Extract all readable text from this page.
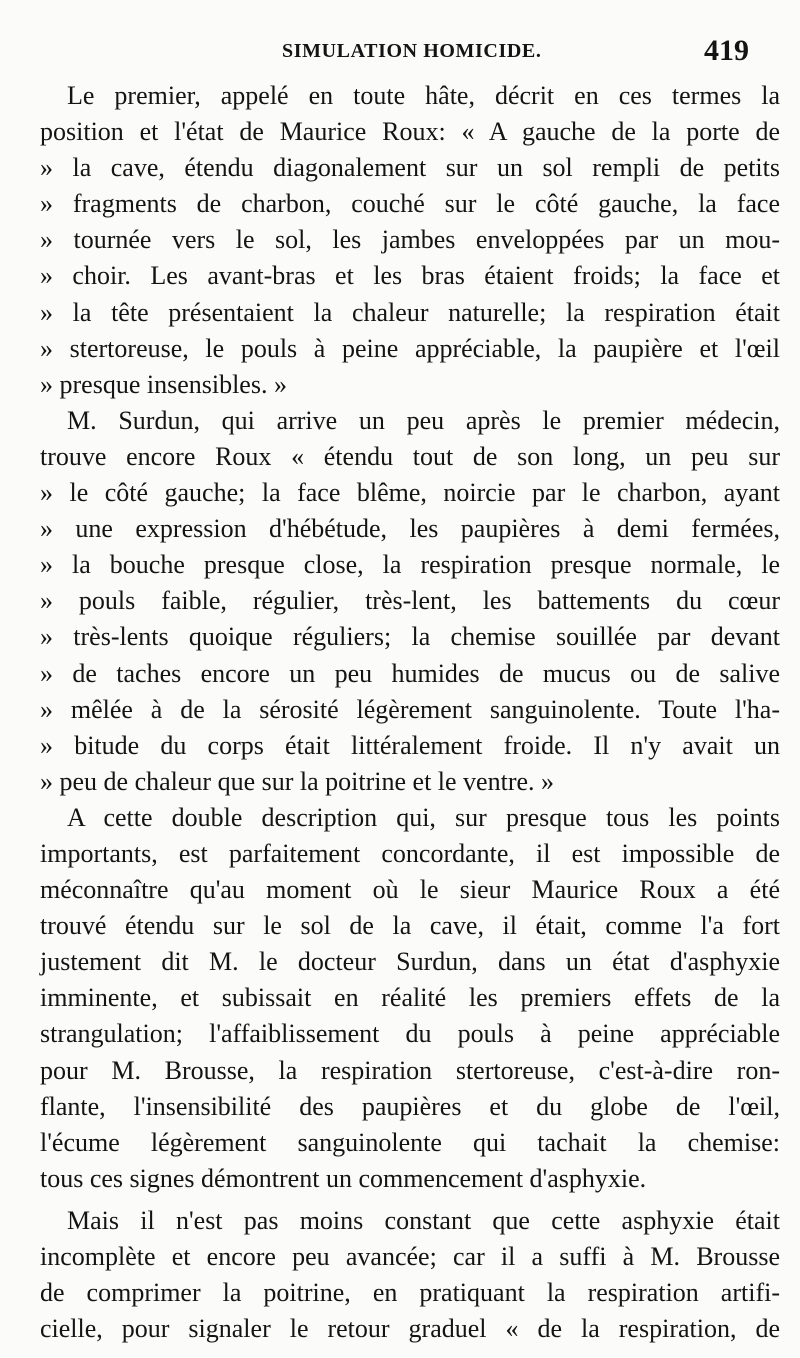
SIMULATION HOMICIDE.	419
Le premier, appelé en toute hâte, décrit en ces termes la
position et l'état de Maurice Roux: « A gauche de la porte de
» la cave, étendu diagonalement sur un sol rempli de petits
» fragments de charbon, couché sur le côté gauche, la face
» tournée vers le sol, les jambes enveloppées par un mou-
» choir. Les avant-bras et les bras étaient froids; la face et
» la tête présentaient la chaleur naturelle; la respiration était
» stertoreuse, le pouls à peine appréciable, la paupière et l'œil
» presque insensibles. »
M. Surdun, qui arrive un peu après le premier médecin,
trouve encore Roux « étendu tout de son long, un peu sur
» le côté gauche; la face blême, noircie par le charbon, ayant
» une expression d'hébétude, les paupières à demi fermées,
» la bouche presque close, la respiration presque normale, le
» pouls faible, régulier, très-lent, les battements du cœur
» très-lents quoique réguliers; la chemise souillée par devant
» de taches encore un peu humides de mucus ou de salive
» mêlée à de la sérosité légèrement sanguinolente. Toute l'ha-
» bitude du corps était littéralement froide. Il n'y avait un
» peu de chaleur que sur la poitrine et le ventre. »
A cette double description qui, sur presque tous les points
importants, est parfaitement concordante, il est impossible de
méconnaître qu'au moment où le sieur Maurice Roux a été
trouvé étendu sur le sol de la cave, il était, comme l'a fort
justement dit M. le docteur Surdun, dans un état d'asphyxie
imminente, et subissait en réalité les premiers effets de la
strangulation; l'affaiblissement du pouls à peine appréciable
pour M. Brousse, la respiration stertoreuse, c'est-à-dire ron-
flante, l'insensibilité des paupières et du globe de l'œil,
l'écume légèrement sanguinolente qui tachait la chemise:
tous ces signes démontrent un commencement d'asphyxie.
Mais il n'est pas moins constant que cette asphyxie était
incomplète et encore peu avancée; car il a suffi à M. Brousse
de comprimer la poitrine, en pratiquant la respiration artifi-
cielle, pour signaler le retour graduel « de la respiration, de
